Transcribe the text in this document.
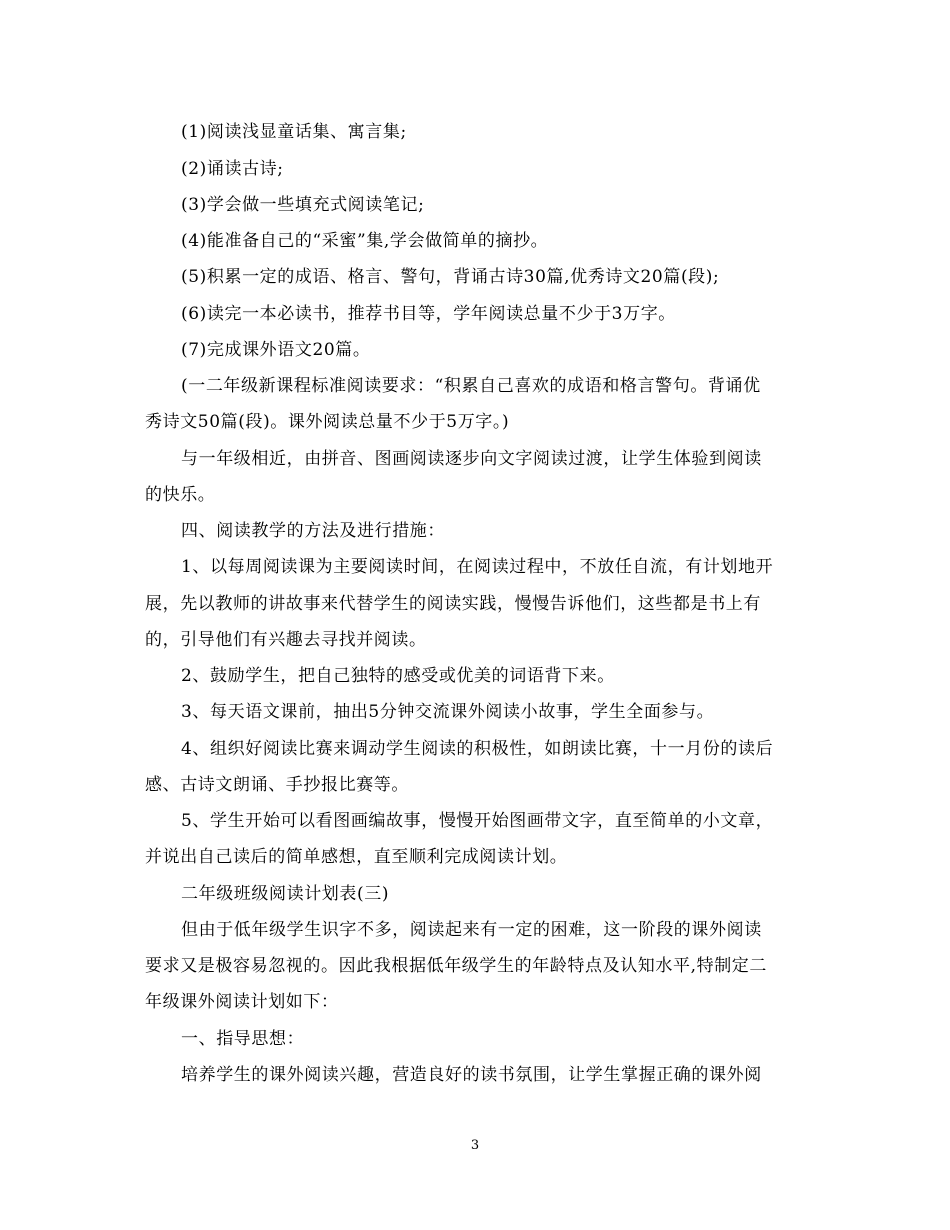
(1)阅读浅显童话集、寓言集;
(2)诵读古诗;
(3)学会做一些填充式阅读笔记;
(4)能准备自己的“采蜜”集,学会做简单的摘抄。
(5)积累一定的成语、格言、警句，背诵古诗30篇,优秀诗文20篇(段);
(6)读完一本必读书，推荐书目等，学年阅读总量不少于3万字。
(7)完成课外语文20篇。
(一二年级新课程标准阅读要求：“积累自己喜欢的成语和格言警句。背诵优
秀诗文50篇(段)。课外阅读总量不少于5万字。)
与一年级相近，由拼音、图画阅读逐步向文字阅读过渡，让学生体验到阅读
的快乐。
四、阅读教学的方法及进行措施：
1、以每周阅读课为主要阅读时间，在阅读过程中，不放任自流，有计划地开
展，先以教师的讲故事来代替学生的阅读实践，慢慢告诉他们，这些都是书上有
的，引导他们有兴趣去寻找并阅读。
2、鼓励学生，把自己独特的感受或优美的词语背下来。
3、每天语文课前，抽出5分钟交流课外阅读小故事，学生全面参与。
4、组织好阅读比赛来调动学生阅读的积极性，如朗读比赛，十一月份的读后
感、古诗文朗诵、手抄报比赛等。
5、学生开始可以看图画编故事，慢慢开始图画带文字，直至简单的小文章，
并说出自己读后的简单感想，直至顺利完成阅读计划。
二年级班级阅读计划表(三)
但由于低年级学生识字不多，阅读起来有一定的困难，这一阶段的课外阅读
要求又是极容易忽视的。因此我根据低年级学生的年龄特点及认知水平,特制定二
年级课外阅读计划如下：
一、指导思想：
培养学生的课外阅读兴趣，营造良好的读书氛围，让学生掌握正确的课外阅
3
